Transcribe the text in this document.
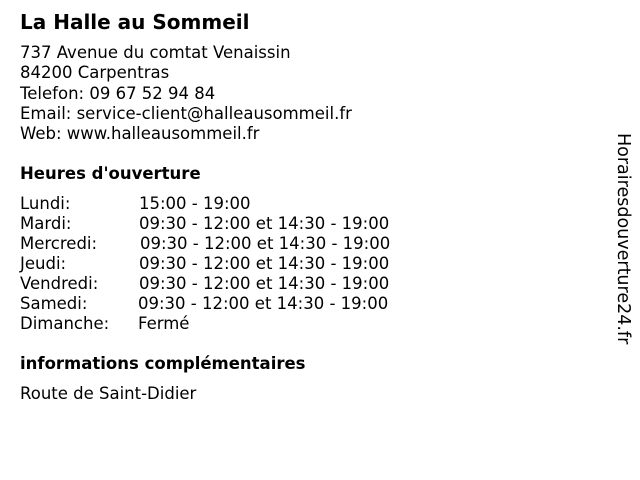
La Halle au Sommeil
737 Avenue du comtat Venaissin
84200 Carpentras
Telefon: 09 67 52 94 84
Email: service-client@halleausommeil.fr
Web: www.halleausommeil.fr
Heures d'ouverture
Lundi:	15:00 - 19:00
Mardi:	09:30 - 12:00 et 14:30 - 19:00
Mercredi:	09:30 - 12:00 et 14:30 - 19:00
Jeudi:	09:30 - 12:00 et 14:30 - 19:00
Vendredi: 09:30 - 12:00 et 14:30 - 19:00
Samedi:	09:30 - 12:00 et 14:30 - 19:00
Dimanche: Fermé
informations complémentaires
Route de Saint-Didier
Horairesdouverture24.fr
